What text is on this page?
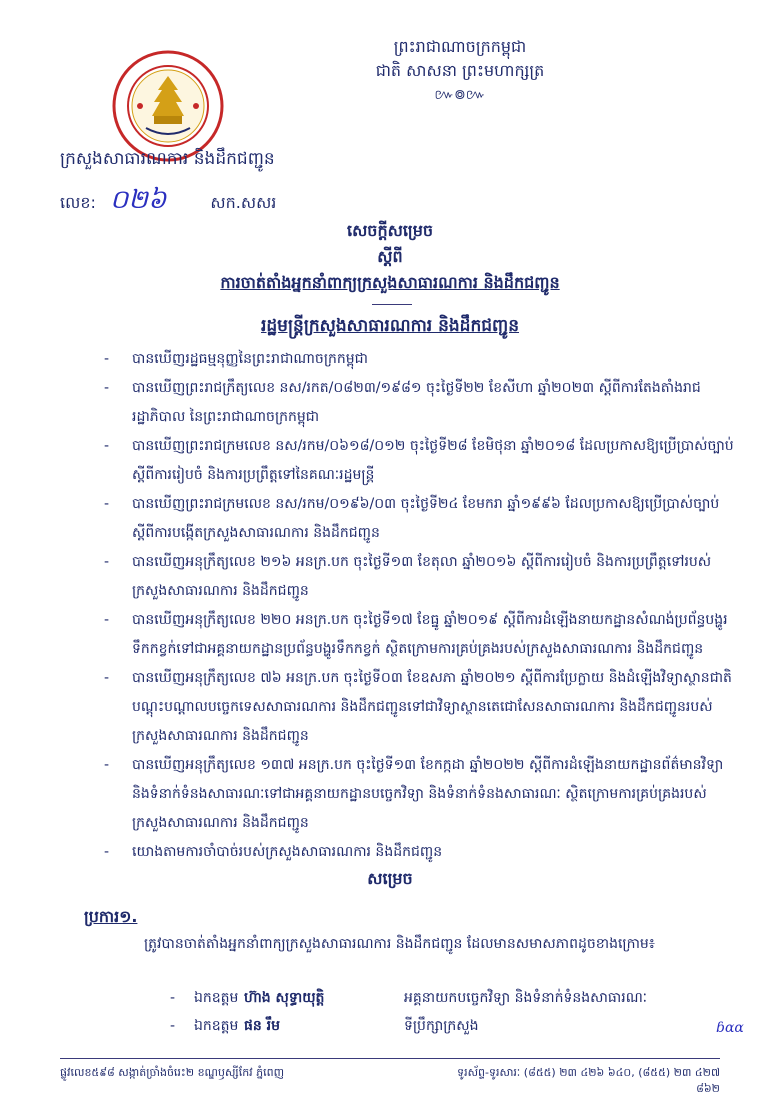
ព្រះរាជាណាចក្រកម្ពុជា
ជាតិ សាសនា ព្រះមហាក្សត្រ
៚៙៚
ក្រសួងសាធារណការ និងដឹកជញ្ជូន
លេខ: ០២៦	សក.សសរ
សេចក្តីសម្រេច
ស្តីពី
ការចាត់តាំងអ្នកនាំពាក្យក្រសួងសាធារណការ និងដឹកជញ្ជូន
រដ្ឋមន្ត្រីក្រសួងសាធារណការ និងដឹកជញ្ជូន
- បានឃើញរដ្ឋធម្មនុញ្ញនៃព្រះរាជាណាចក្រកម្ពុជា
- បានឃើញព្រះរាជក្រឹត្យលេខ នស/រកត/០៨២៣/១៩៨១ ចុះថ្ងៃទី២២ ខែសីហា ឆ្នាំ២០២៣ ស្តីពីការតែងតាំងរាជរដ្ឋាភិបាល នៃព្រះរាជាណាចក្រកម្ពុជា
- បានឃើញព្រះរាជក្រមលេខ នស/រកម/០៦១៨/០១២ ចុះថ្ងៃទី២៨ ខែមិថុនា ឆ្នាំ២០១៨ ដែលប្រកាសឱ្យប្រើប្រាស់ច្បាប់ស្តីពីការរៀបចំ និងការប្រព្រឹត្តទៅនៃគណៈរដ្ឋមន្ត្រី
- បានឃើញព្រះរាជក្រមលេខ នស/រកម/០១៩៦/០៣ ចុះថ្ងៃទី២៤ ខែមករា ឆ្នាំ១៩៩៦ ដែលប្រកាសឱ្យប្រើប្រាស់ច្បាប់ស្តីពីការបង្កើតក្រសួងសាធារណការ និងដឹកជញ្ជូន
- បានឃើញអនុក្រឹត្យលេខ ២១៦ អនក្រ.បក ចុះថ្ងៃទី១៣ ខែតុលា ឆ្នាំ២០១៦ ស្តីពីការរៀបចំ និងការប្រព្រឹត្តទៅរបស់ក្រសួងសាធារណការ និងដឹកជញ្ជូន
- បានឃើញអនុក្រឹត្យលេខ ២២០ អនក្រ.បក ចុះថ្ងៃទី១៧ ខែធ្នូ ឆ្នាំ២០១៩ ស្តីពីការដំឡើងនាយកដ្ឋានសំណង់ប្រព័ន្ធបង្ហូរទឹកកខ្វក់ទៅជាអគ្គនាយកដ្ឋានប្រព័ន្ធបង្ហូរទឹកកខ្វក់ ស្ថិតក្រោមការគ្រប់គ្រងរបស់ក្រសួងសាធារណការ និងដឹកជញ្ជូន
- បានឃើញអនុក្រឹត្យលេខ ៧៦ អនក្រ.បក ចុះថ្ងៃទី០៣ ខែឧសភា ឆ្នាំ២០២១ ស្តីពីការប្រែក្លាយ និងដំឡើងវិទ្យាស្ថានជាតិបណ្តុះបណ្តាលបច្ចេកទេសសាធារណការ និងដឹកជញ្ជូនទៅជាវិទ្យាស្ថានតេជោសែនសាធារណការ និងដឹកជញ្ជូនរបស់ក្រសួងសាធារណការ និងដឹកជញ្ជូន
- បានឃើញអនុក្រឹត្យលេខ ១៣៧ អនក្រ.បក ចុះថ្ងៃទី១៣ ខែកក្កដា ឆ្នាំ២០២២ ស្តីពីការដំឡើងនាយកដ្ឋានព័ត៌មានវិទ្យា និងទំនាក់ទំនងសាធារណៈទៅជាអគ្គនាយកដ្ឋានបច្ចេកវិទ្យា និងទំនាក់ទំនងសាធារណៈ ស្ថិតក្រោមការគ្រប់គ្រងរបស់ក្រសួងសាធារណការ និងដឹកជញ្ជូន
- យោងតាមការចាំបាច់របស់ក្រសួងសាធារណការ និងដឹកជញ្ជូន
សម្រេច
ប្រការ១.
ត្រូវបានចាត់តាំងអ្នកនាំពាក្យក្រសួងសាធារណការ និងដឹកជញ្ជូន ដែលមានសមាសភាពដូចខាងក្រោម៖
-	ឯកឧត្តម ហ៊ាង សុទ្ធាយុត្តិ	អគ្គនាយកបច្ចេកវិទ្យា និងទំនាក់ទំនងសាធារណៈ
-	ឯកឧត្តម ផន រឹម	ទីប្រឹក្សាក្រសួង	ɓɑɑ
ផ្លូវលេខ៥៩៨ សង្កាត់ច្រាំងចំរេះ២ ខណ្ឌឫស្សីកែវ ភ្នំពេញ	ទូរស័ព្ទ-ទូរសារៈ (៨៥៥) ២៣ ៤២៦ ៦៤០, (៨៥៥) ២៣ ៤២៧ ៨៦២
